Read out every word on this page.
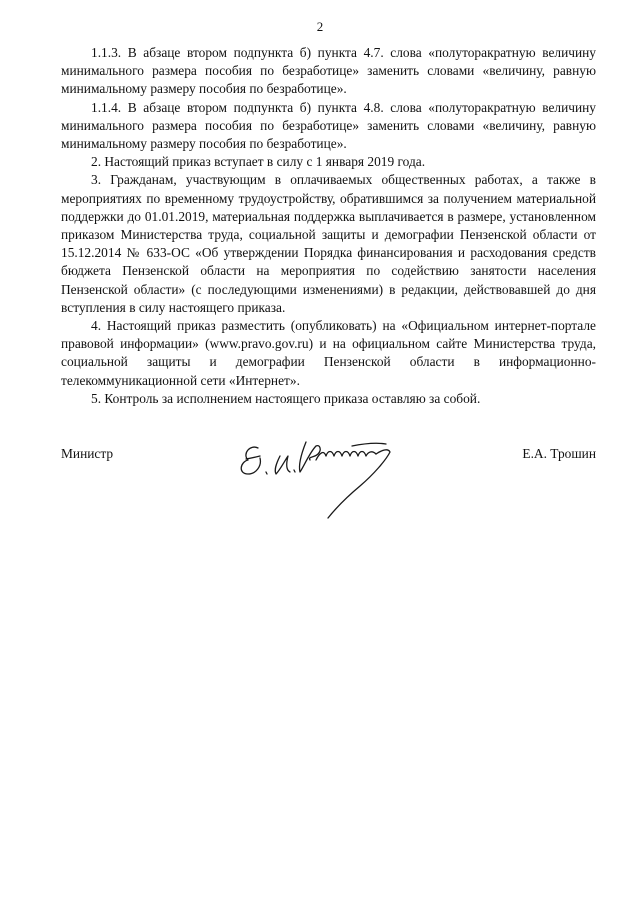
2

1.1.3. В абзаце втором подпункта б) пункта 4.7. слова «полуторакратную величину минимального размера пособия по безработице» заменить словами «величину, равную минимальному размеру пособия по безработице».

1.1.4. В абзаце втором подпункта б) пункта 4.8. слова «полуторакратную величину минимального размера пособия по безработице» заменить словами «величину, равную минимальному размеру пособия по безработице».

2. Настоящий приказ вступает в силу с 1 января 2019 года.

3. Гражданам, участвующим в оплачиваемых общественных работах, а также в мероприятиях по временному трудоустройству, обратившимся за получением материальной поддержки до 01.01.2019, материальная поддержка выплачивается в размере, установленном приказом Министерства труда, социальной защиты и демографии Пензенской области от 15.12.2014 № 633-ОС «Об утверждении Порядка финансирования и расходования средств бюджета Пензенской области на мероприятия по содействию занятости населения Пензенской области» (с последующими изменениями) в редакции, действовавшей до дня вступления в силу настоящего приказа.

4. Настоящий приказ разместить (опубликовать) на «Официальном интернет-портале правовой информации» (www.pravo.gov.ru) и на официальном сайте Министерства труда, социальной защиты и демографии Пензенской области в информационно-телекоммуникационной сети «Интернет».

5. Контроль за исполнением настоящего приказа оставляю за собой.

Министр	Е.А. Трошин
